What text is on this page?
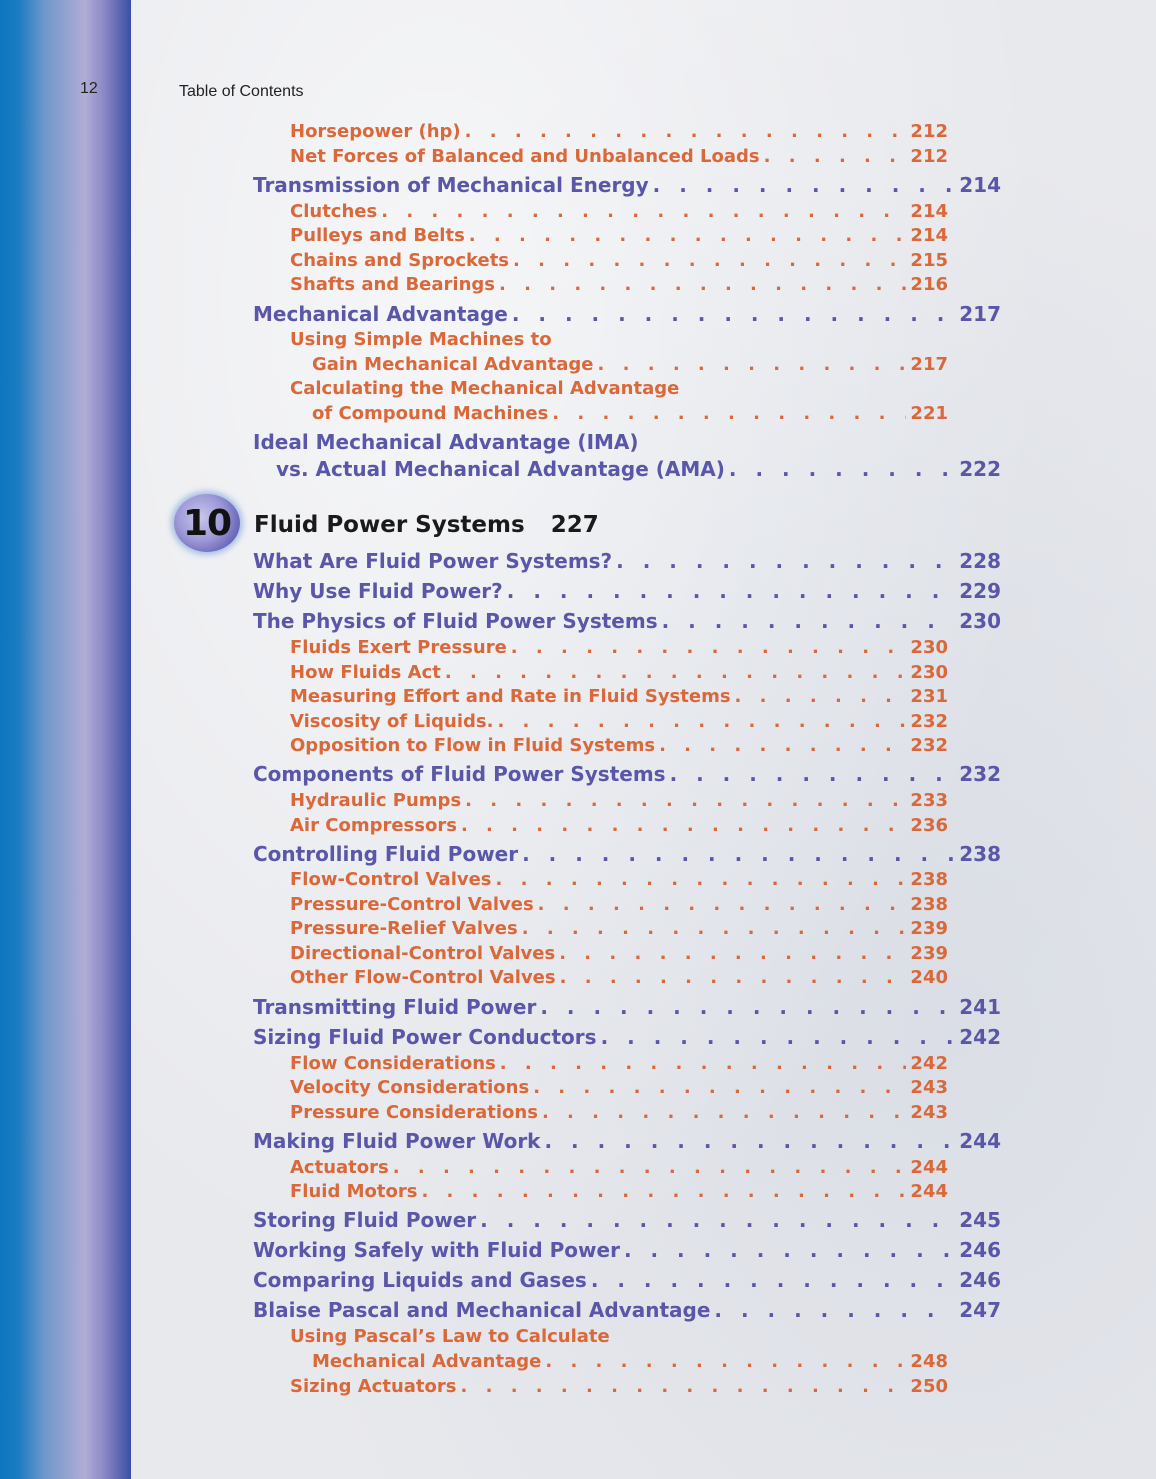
12	Table of Contents
Horsepower (hp) . . .	212
Net Forces of Balanced and Unbalanced Loads . . .	212
Transmission of Mechanical Energy . . .	214
Clutches . . .	214
Pulleys and Belts . . .	214
Chains and Sprockets . . .	215
Shafts and Bearings . . .	216
Mechanical Advantage . . .	217
Using Simple Machines to
Gain Mechanical Advantage . . .	217
Calculating the Mechanical Advantage
of Compound Machines . . .	221
Ideal Mechanical Advantage (IMA)
vs. Actual Mechanical Advantage (AMA) . . .	222
10 Fluid Power Systems 227
What Are Fluid Power Systems? . . .	228
Why Use Fluid Power? . . .	229
The Physics of Fluid Power Systems . . .	230
Fluids Exert Pressure . . .	230
How Fluids Act . . .	230
Measuring Effort and Rate in Fluid Systems . . .	231
Viscosity of Liquids. . . .	232
Opposition to Flow in Fluid Systems . . .	232
Components of Fluid Power Systems . . .	232
Hydraulic Pumps . . .	233
Air Compressors . . .	236
Controlling Fluid Power . . .	238
Flow-Control Valves . . .	238
Pressure-Control Valves . . .	238
Pressure-Relief Valves . . .	239
Directional-Control Valves . . .	239
Other Flow-Control Valves . . .	240
Transmitting Fluid Power . . .	241
Sizing Fluid Power Conductors . . .	242
Flow Considerations . . .	242
Velocity Considerations . . .	243
Pressure Considerations . . .	243
Making Fluid Power Work . . .	244
Actuators . . .	244
Fluid Motors . . .	244
Storing Fluid Power . . .	245
Working Safely with Fluid Power . . .	246
Comparing Liquids and Gases . . .	246
Blaise Pascal and Mechanical Advantage . . .	247
Using Pascal’s Law to Calculate
Mechanical Advantage . . .	248
Sizing Actuators . . .	250
